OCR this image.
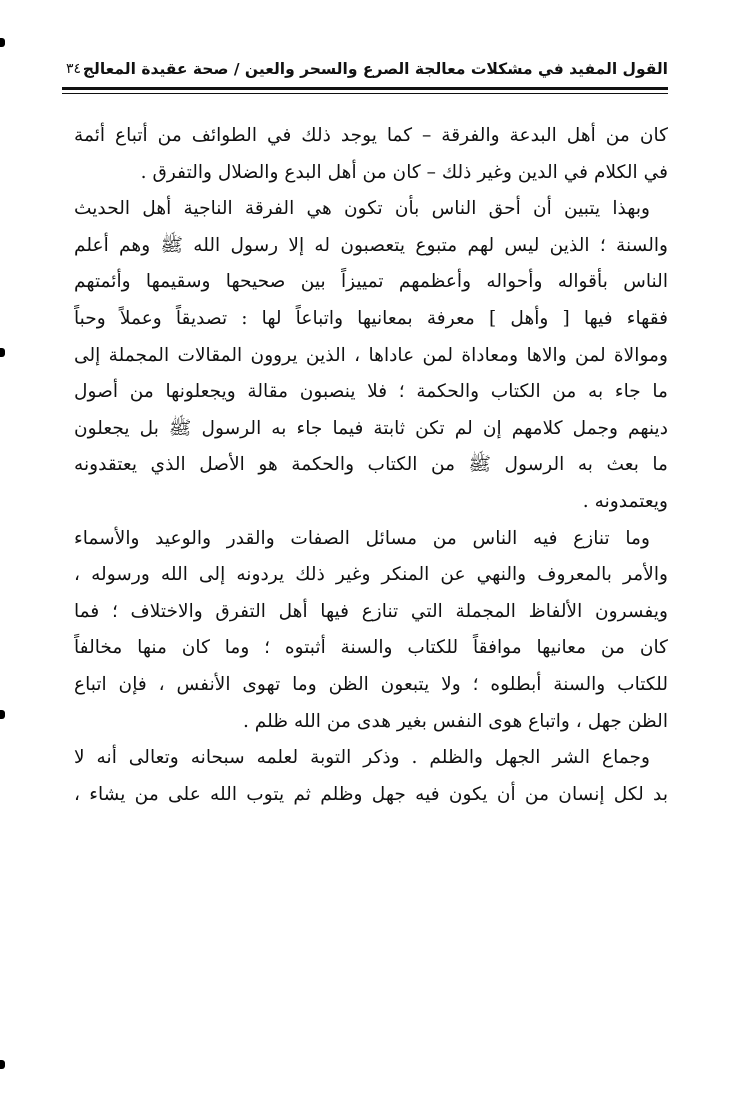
القول المفيد في مشكلات معالجة الصرع والسحر والعين / صحة عقيدة المعالج
٣٤٠
كان من أهل البدعة والفرقة – كما يوجد ذلك في الطوائف من أتباع أئمة
في الكلام في الدين وغير ذلك – كان من أهل البدع والضلال والتفرق .
وبهذا يتبين أن أحق الناس بأن تكون هي الفرقة الناجية أهل الحديث
والسنة ؛ الذين ليس لهم متبوع يتعصبون له إلا رسول الله ﷺ وهم أعلم
الناس بأقواله وأحواله وأعظمهم تمييزاً بين صحيحها وسقيمها وأئمتهم
فقهاء فيها [ وأهل ] معرفة بمعانيها واتباعاً لها : تصديقاً وعملاً وحباً
وموالاة لمن والاها ومعاداة لمن عاداها ، الذين يروون المقالات المجملة إلى
ما جاء به من الكتاب والحكمة ؛ فلا ينصبون مقالة ويجعلونها من أصول
دينهم وجمل كلامهم إن لم تكن ثابتة فيما جاء به الرسول ﷺ بل يجعلون
ما بعث به الرسول ﷺ من الكتاب والحكمة هو الأصل الذي يعتقدونه
ويعتمدونه .
وما تنازع فيه الناس من مسائل الصفات والقدر والوعيد والأسماء
والأمر بالمعروف والنهي عن المنكر وغير ذلك يردونه إلى الله ورسوله ،
ويفسرون الألفاظ المجملة التي تنازع فيها أهل التفرق والاختلاف ؛ فما
كان من معانيها موافقاً للكتاب والسنة أثبتوه ؛ وما كان منها مخالفاً
للكتاب والسنة أبطلوه ؛ ولا يتبعون الظن وما تهوى الأنفس ، فإن اتباع
الظن جهل ، واتباع هوى النفس بغير هدى من الله ظلم .
وجماع الشر الجهل والظلم . وذكر التوبة لعلمه سبحانه وتعالى أنه لا
بد لكل إنسان من أن يكون فيه جهل وظلم ثم يتوب الله على من يشاء ،
